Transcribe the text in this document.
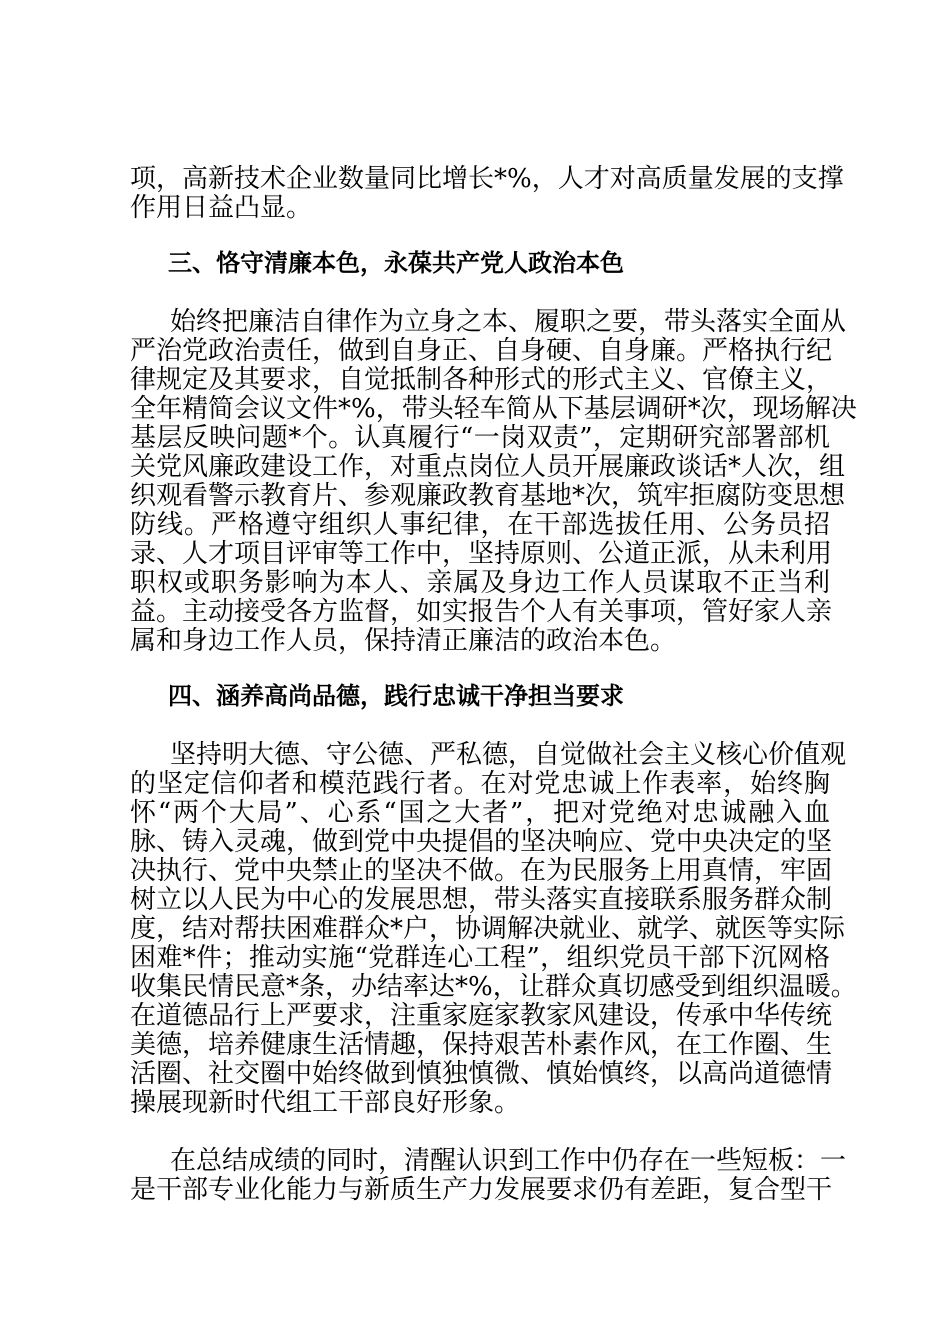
项，高新技术企业数量同比增长*%，人才对高质量发展的支撑
作用日益凸显。
三、恪守清廉本色，永葆共产党人政治本色
始终把廉洁自律作为立身之本、履职之要，带头落实全面从
严治党政治责任，做到自身正、自身硬、自身廉。严格执行纪
律规定及其要求，自觉抵制各种形式的形式主义、官僚主义，
全年精简会议文件*%，带头轻车简从下基层调研*次，现场解决
基层反映问题*个。认真履行“一岗双责”，定期研究部署部机
关党风廉政建设工作，对重点岗位人员开展廉政谈话*人次，组
织观看警示教育片、参观廉政教育基地*次，筑牢拒腐防变思想
防线。严格遵守组织人事纪律，在干部选拔任用、公务员招
录、人才项目评审等工作中，坚持原则、公道正派，从未利用
职权或职务影响为本人、亲属及身边工作人员谋取不正当利
益。主动接受各方监督，如实报告个人有关事项，管好家人亲
属和身边工作人员，保持清正廉洁的政治本色。
四、涵养高尚品德，践行忠诚干净担当要求
坚持明大德、守公德、严私德，自觉做社会主义核心价值观
的坚定信仰者和模范践行者。在对党忠诚上作表率，始终胸
怀“两个大局”、心系“国之大者”，把对党绝对忠诚融入血
脉、铸入灵魂，做到党中央提倡的坚决响应、党中央决定的坚
决执行、党中央禁止的坚决不做。在为民服务上用真情，牢固
树立以人民为中心的发展思想，带头落实直接联系服务群众制
度，结对帮扶困难群众*户，协调解决就业、就学、就医等实际
困难*件；推动实施“党群连心工程”，组织党员干部下沉网格
收集民情民意*条，办结率达*%，让群众真切感受到组织温暖。
在道德品行上严要求，注重家庭家教家风建设，传承中华传统
美德，培养健康生活情趣，保持艰苦朴素作风，在工作圈、生
活圈、社交圈中始终做到慎独慎微、慎始慎终，以高尚道德情
操展现新时代组工干部良好形象。
在总结成绩的同时，清醒认识到工作中仍存在一些短板：一
是干部专业化能力与新质生产力发展要求仍有差距，复合型干
